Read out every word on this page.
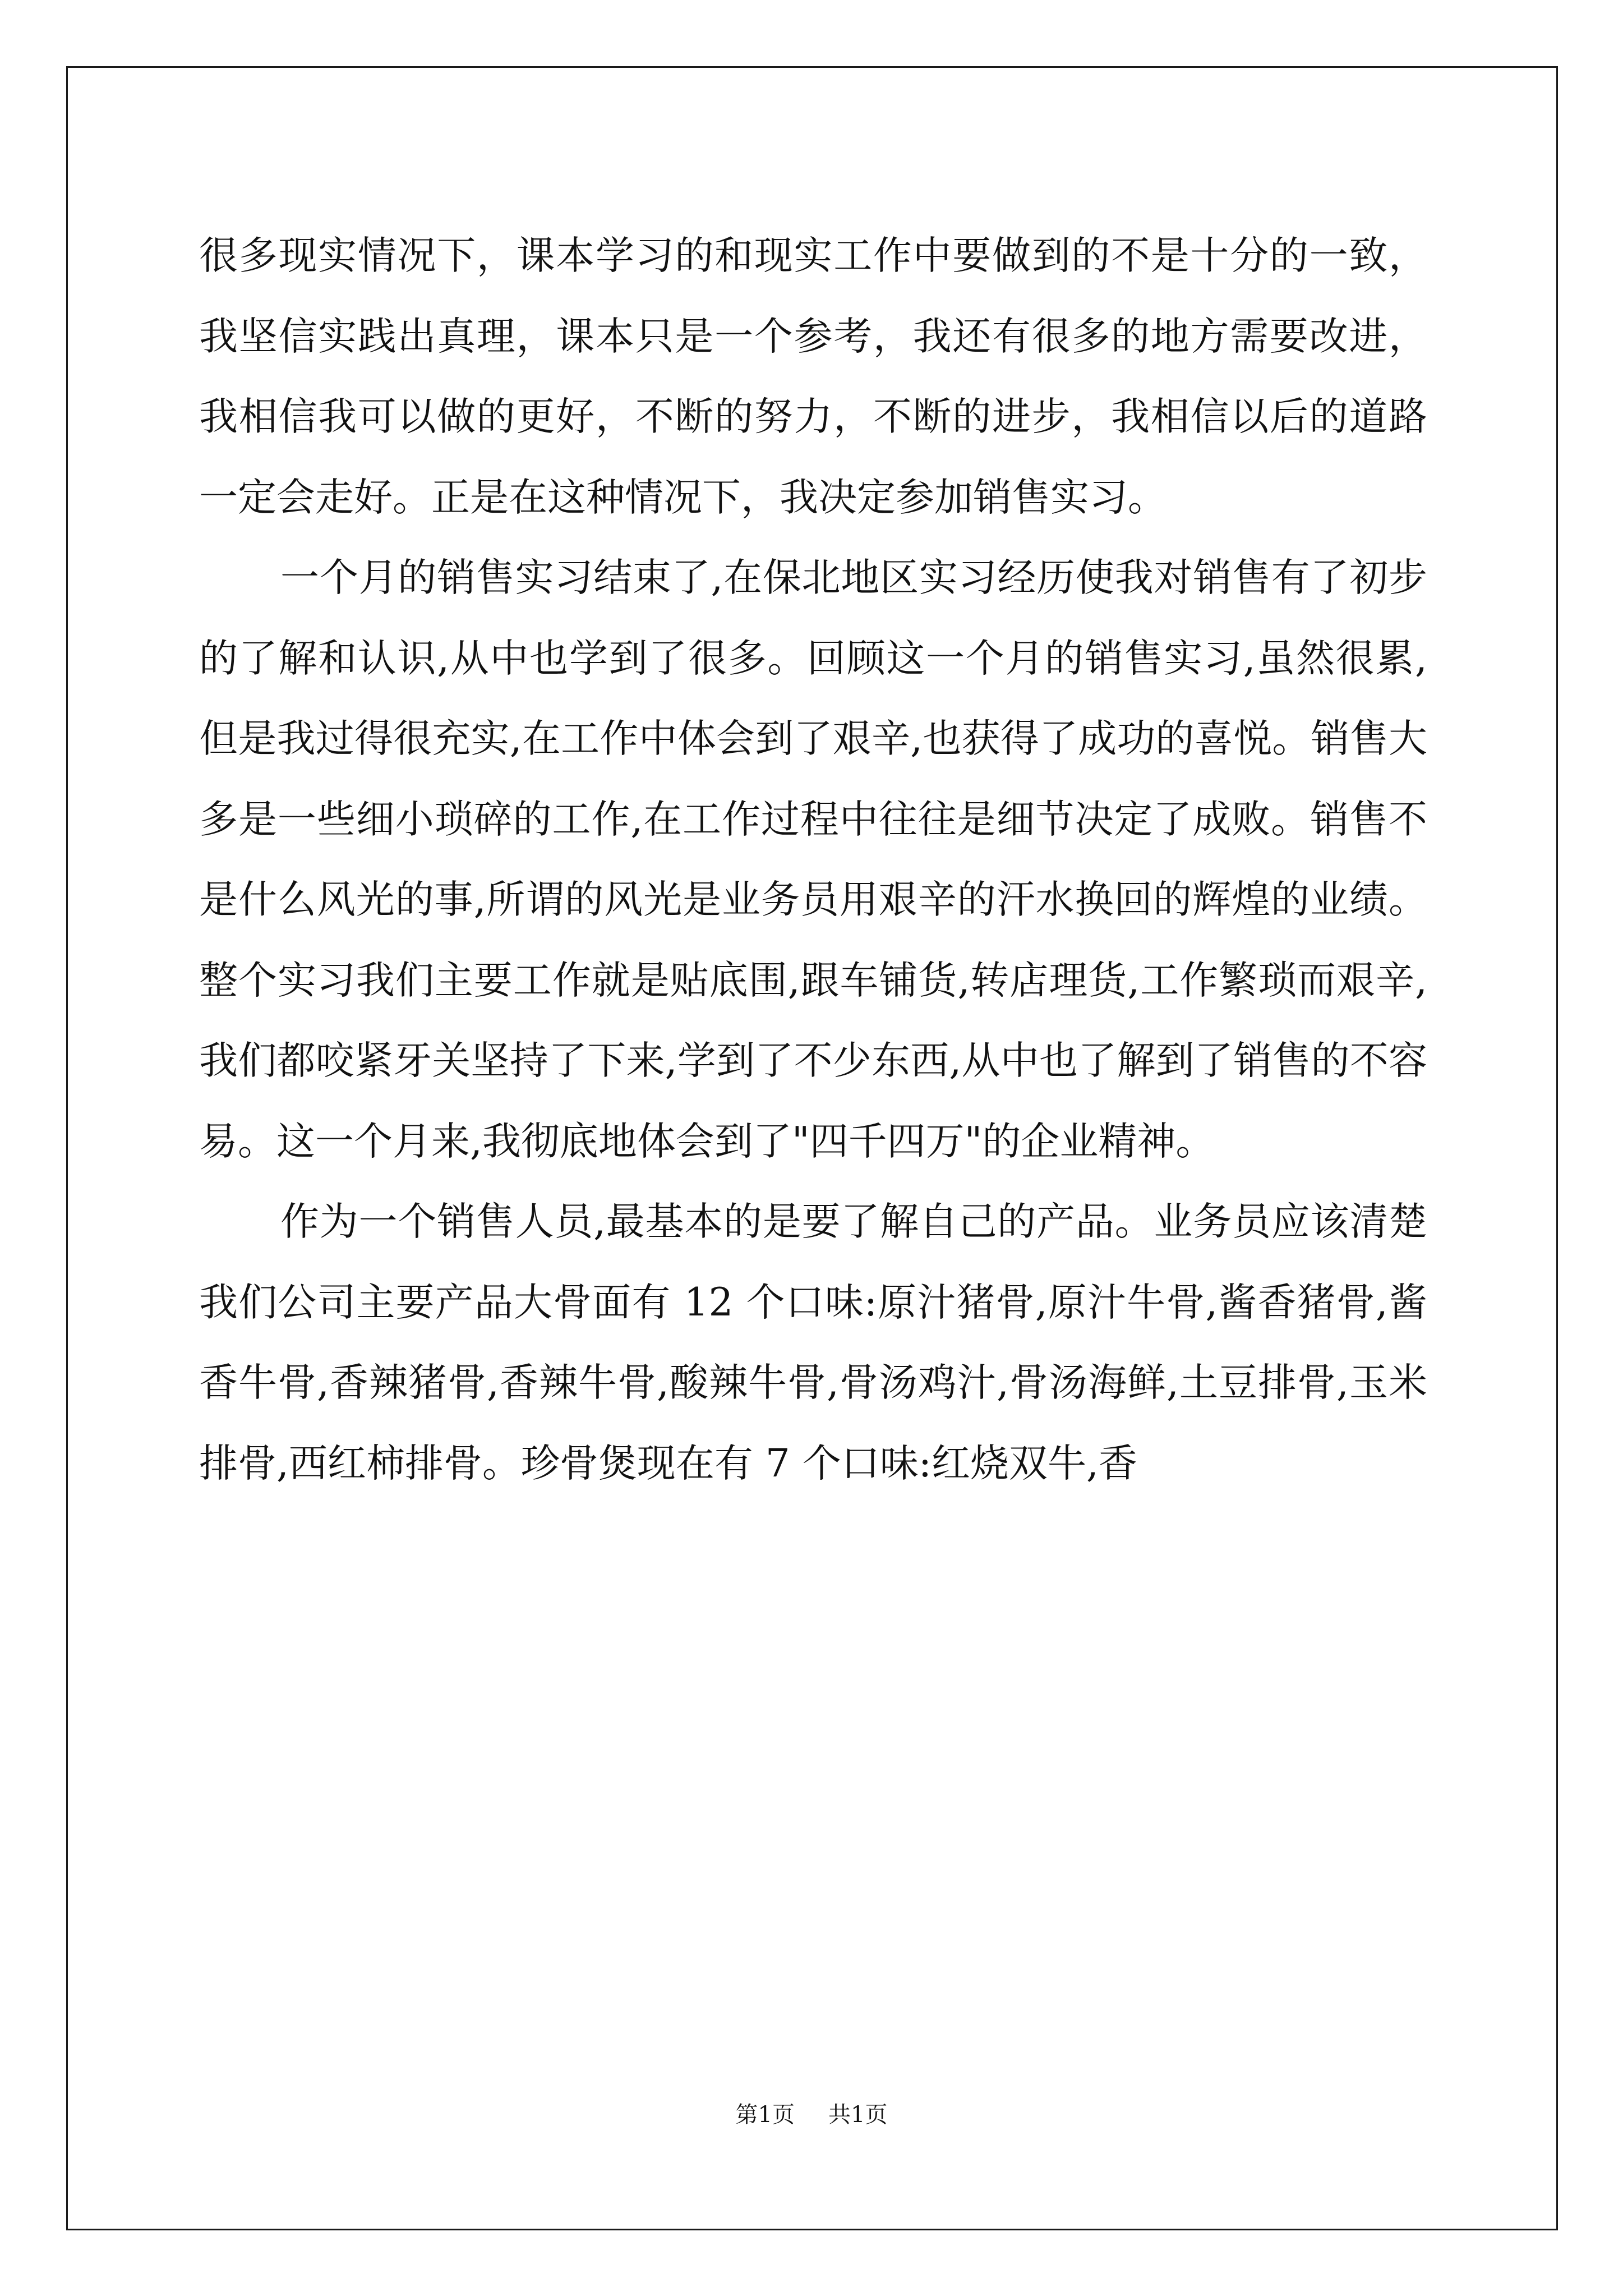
很多现实情况下，课本学习的和现实工作中要做到的不是十分的一致，我坚信实践出真理，课本只是一个参考，我还有很多的地方需要改进，我相信我可以做的更好，不断的努力，不断的进步，我相信以后的道路一定会走好。正是在这种情况下，我决定参加销售实习。

一个月的销售实习结束了,在保北地区实习经历使我对销售有了初步的了解和认识,从中也学到了很多。回顾这一个月的销售实习,虽然很累,但是我过得很充实,在工作中体会到了艰辛,也获得了成功的喜悦。销售大多是一些细小琐碎的工作,在工作过程中往往是细节决定了成败。销售不是什么风光的事,所谓的风光是业务员用艰辛的汗水换回的辉煌的业绩。整个实习我们主要工作就是贴底围,跟车铺货,转店理货,工作繁琐而艰辛,我们都咬紧牙关坚持了下来,学到了不少东西,从中也了解到了销售的不容易。这一个月来,我彻底地体会到了"四千四万"的企业精神。

作为一个销售人员,最基本的是要了解自己的产品。业务员应该清楚我们公司主要产品大骨面有 12 个口味:原汁猪骨,原汁牛骨,酱香猪骨,酱香牛骨,香辣猪骨,香辣牛骨,酸辣牛骨,骨汤鸡汁,骨汤海鲜,土豆排骨,玉米排骨,西红柿排骨。珍骨煲现在有 7 个口味:红烧双牛,香

第1页 共1页
